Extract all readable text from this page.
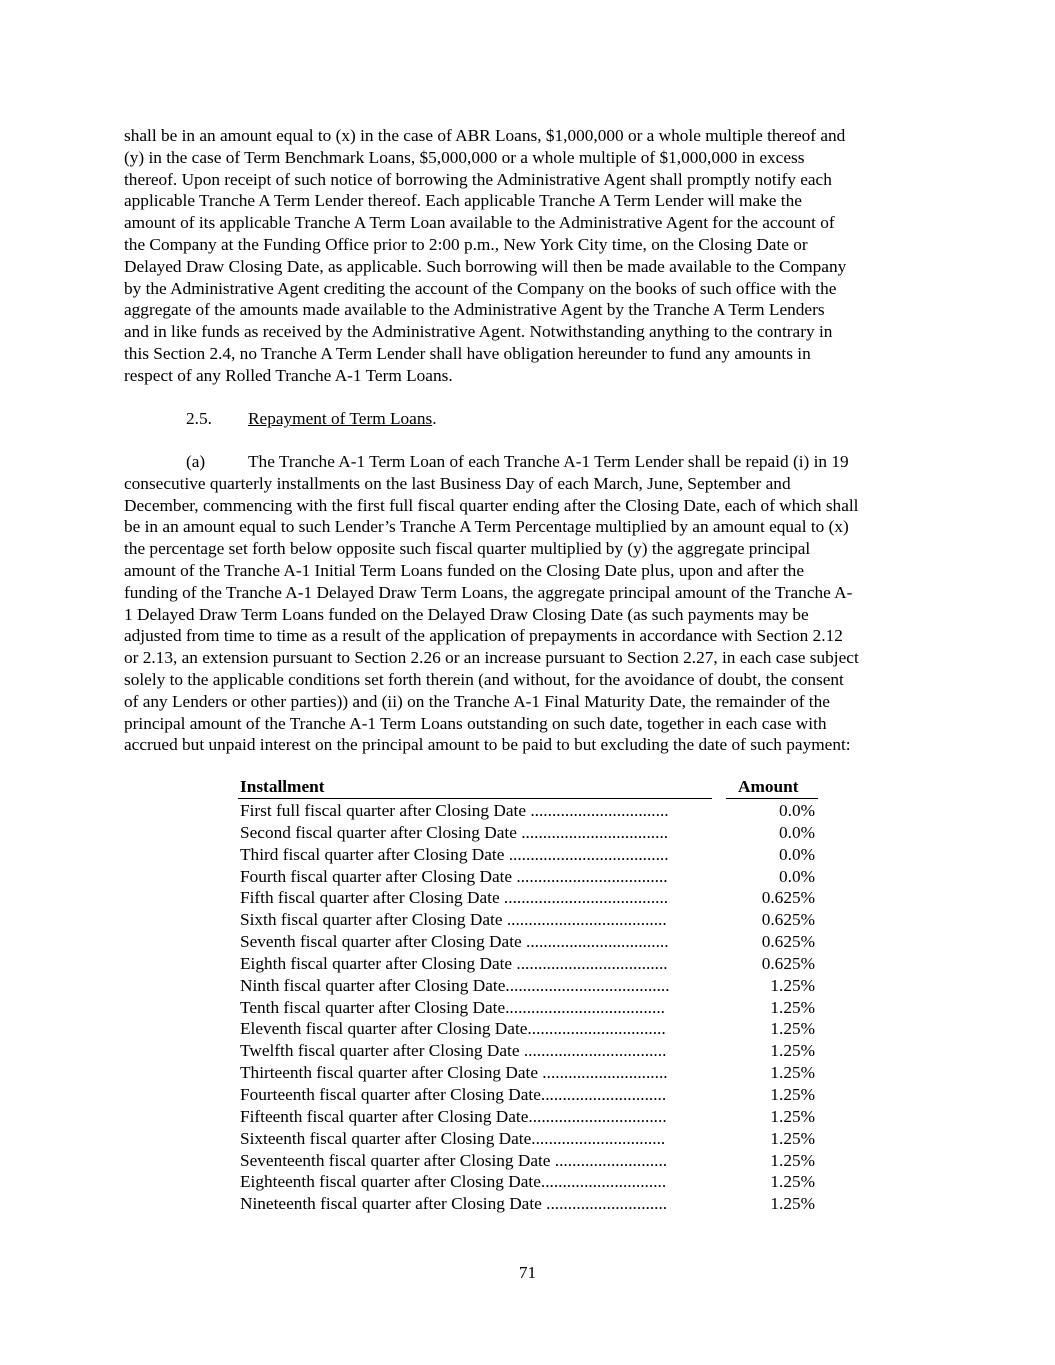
shall be in an amount equal to (x) in the case of ABR Loans, $1,000,000 or a whole multiple thereof and
(y) in the case of Term Benchmark Loans, $5,000,000 or a whole multiple of $1,000,000 in excess
thereof. Upon receipt of such notice of borrowing the Administrative Agent shall promptly notify each
applicable Tranche A Term Lender thereof. Each applicable Tranche A Term Lender will make the
amount of its applicable Tranche A Term Loan available to the Administrative Agent for the account of
the Company at the Funding Office prior to 2:00 p.m., New York City time, on the Closing Date or
Delayed Draw Closing Date, as applicable. Such borrowing will then be made available to the Company
by the Administrative Agent crediting the account of the Company on the books of such office with the
aggregate of the amounts made available to the Administrative Agent by the Tranche A Term Lenders
and in like funds as received by the Administrative Agent. Notwithstanding anything to the contrary in
this Section 2.4, no Tranche A Term Lender shall have obligation hereunder to fund any amounts in
respect of any Rolled Tranche A-1 Term Loans.
2.5. Repayment of Term Loans.
(a) The Tranche A-1 Term Loan of each Tranche A-1 Term Lender shall be repaid (i) in 19
consecutive quarterly installments on the last Business Day of each March, June, September and
December, commencing with the first full fiscal quarter ending after the Closing Date, each of which shall
be in an amount equal to such Lender’s Tranche A Term Percentage multiplied by an amount equal to (x)
the percentage set forth below opposite such fiscal quarter multiplied by (y) the aggregate principal
amount of the Tranche A-1 Initial Term Loans funded on the Closing Date plus, upon and after the
funding of the Tranche A-1 Delayed Draw Term Loans, the aggregate principal amount of the Tranche A-
1 Delayed Draw Term Loans funded on the Delayed Draw Closing Date (as such payments may be
adjusted from time to time as a result of the application of prepayments in accordance with Section 2.12
or 2.13, an extension pursuant to Section 2.26 or an increase pursuant to Section 2.27, in each case subject
solely to the applicable conditions set forth therein (and without, for the avoidance of doubt, the consent
of any Lenders or other parties)) and (ii) on the Tranche A-1 Final Maturity Date, the remainder of the
principal amount of the Tranche A-1 Term Loans outstanding on such date, together in each case with
accrued but unpaid interest on the principal amount to be paid to but excluding the date of such payment:
Installment	Amount
First full fiscal quarter after Closing Date ................................	0.0%
Second fiscal quarter after Closing Date ..................................	0.0%
Third fiscal quarter after Closing Date .....................................	0.0%
Fourth fiscal quarter after Closing Date ...................................	0.0%
Fifth fiscal quarter after Closing Date ......................................	0.625%
Sixth fiscal quarter after Closing Date .....................................	0.625%
Seventh fiscal quarter after Closing Date .................................	0.625%
Eighth fiscal quarter after Closing Date ...................................	0.625%
Ninth fiscal quarter after Closing Date......................................	1.25%
Tenth fiscal quarter after Closing Date.....................................	1.25%
Eleventh fiscal quarter after Closing Date................................	1.25%
Twelfth fiscal quarter after Closing Date .................................	1.25%
Thirteenth fiscal quarter after Closing Date .............................	1.25%
Fourteenth fiscal quarter after Closing Date.............................	1.25%
Fifteenth fiscal quarter after Closing Date................................	1.25%
Sixteenth fiscal quarter after Closing Date...............................	1.25%
Seventeenth fiscal quarter after Closing Date ..........................	1.25%
Eighteenth fiscal quarter after Closing Date.............................	1.25%
Nineteenth fiscal quarter after Closing Date ............................	1.25%
71
